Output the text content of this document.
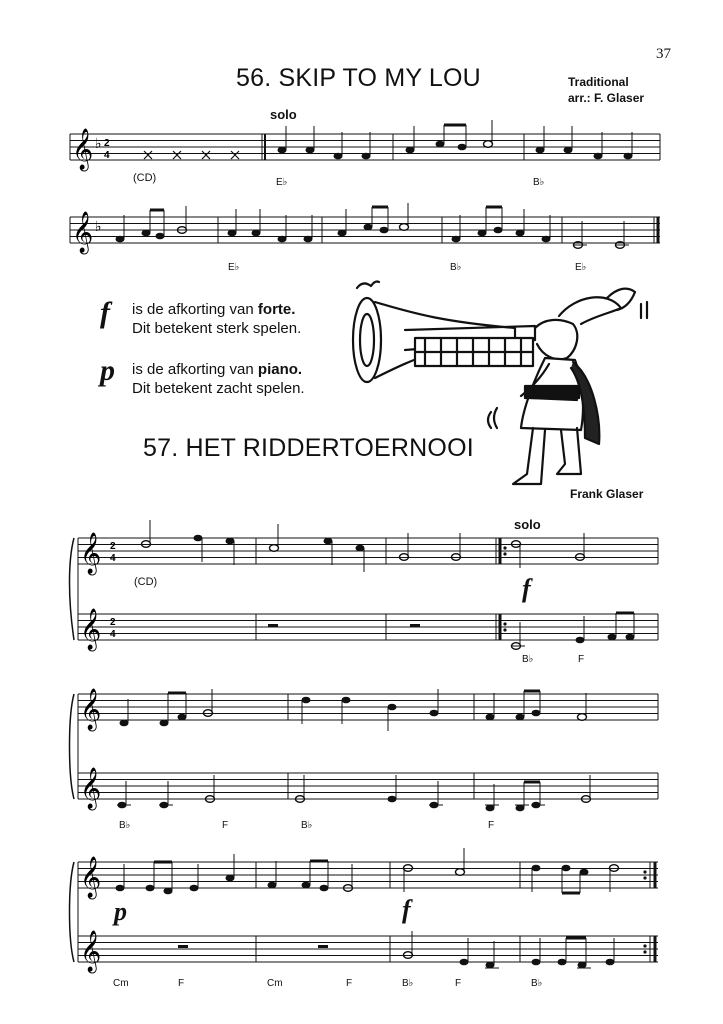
37
56. SKIP TO MY LOU	Traditional
arr.: F. Glaser
solo
𝄞 ♭ 2
4
(CD)	E♭	B♭
𝄞 ♭
E♭	B♭	E♭
f is de afkorting van forte.
Dit betekent sterk spelen.
p is de afkorting van piano.
Dit betekent zacht spelen.
57. HET RIDDERTOERNOOI
Frank Glaser
solo
𝄞
𝄞
2
4
2
4
(CD)	f
B♭	F
𝄞
𝄞
B♭	F	B♭	F
𝄞
𝄞
p	f
Cm	F	Cm	F	B♭	F	B♭
